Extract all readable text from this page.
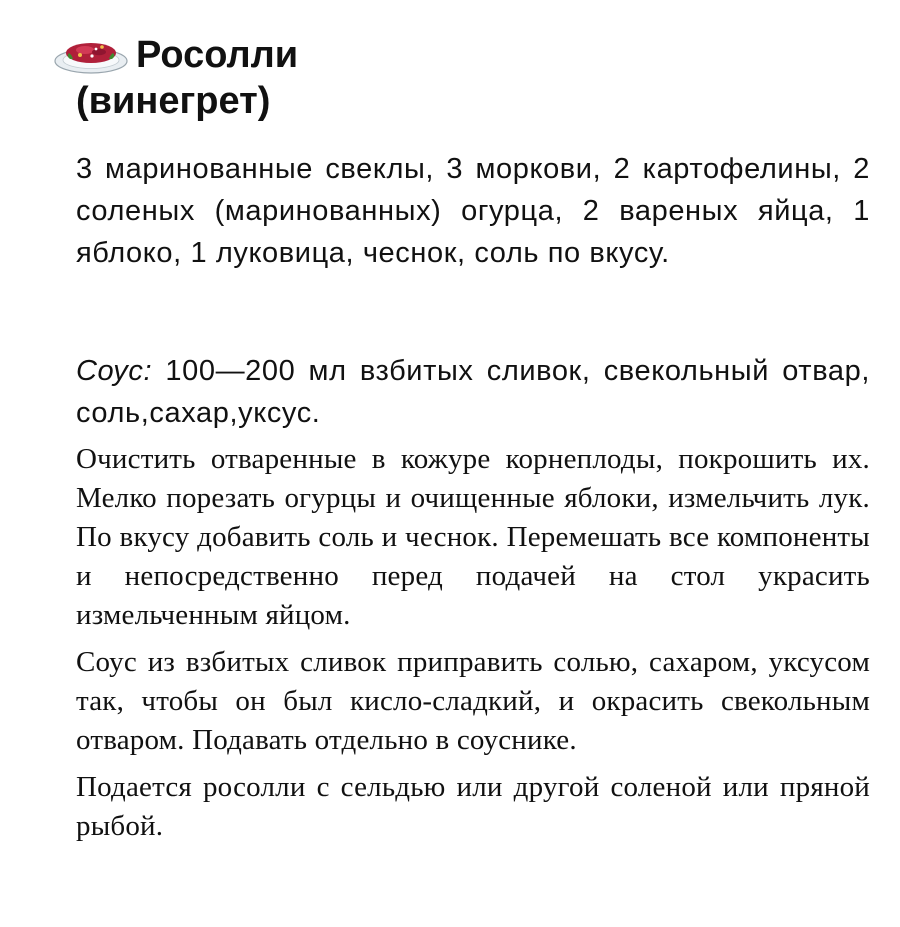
Росолли
(винегрет)

3 маринованные свеклы, 3 моркови, 2 картофелины, 2 соленых (маринованных) огурца, 2 вареных яйца, 1 яблоко, 1 луковица, чеснок, соль по вкусу.

Соус: 100—200 мл взбитых сливок, свекольный отвар, соль,сахар,уксус.

Очистить отваренные в кожуре корнеплоды, покрошить их. Мелко порезать огурцы и очищенные яблоки, измельчить лук. По вкусу добавить соль и чеснок. Перемешать все компоненты и непосредственно перед подачей на стол украсить измельченным яйцом.

Соус из взбитых сливок приправить солью, сахаром, уксусом так, чтобы он был кисло-сладкий, и окрасить свекольным отваром. Подавать отдельно в соуснике.

Подается росолли с сельдью или другой соленой или пряной рыбой.
